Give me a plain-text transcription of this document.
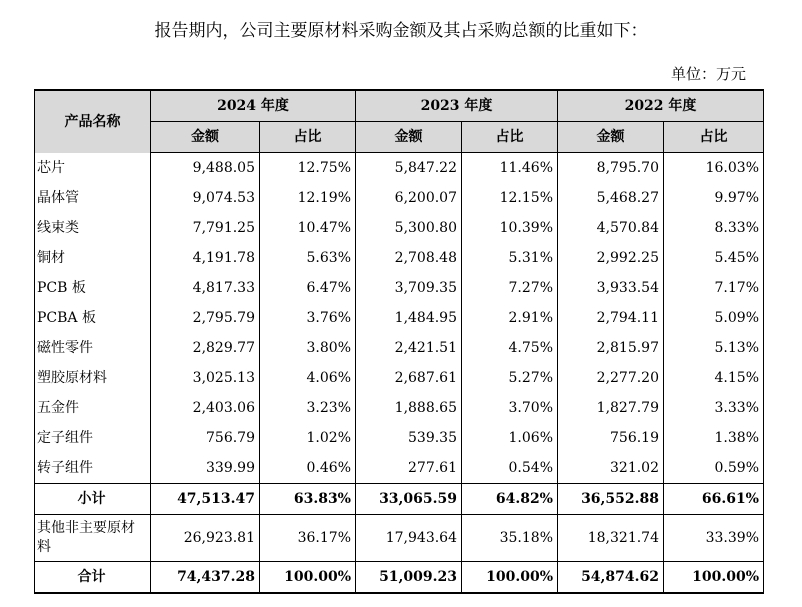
报告期内，公司主要原材料采购金额及其占采购总额的比重如下：
单位：万元
产品名称	2024 年度		2023 年度		2022 年度	
	金额	占比	金额	占比	金额	占比
芯片	9,488.05	12.75%	5,847.22	11.46%	8,795.70	16.03%
晶体管	9,074.53	12.19%	6,200.07	12.15%	5,468.27	9.97%
线束类	7,791.25	10.47%	5,300.80	10.39%	4,570.84	8.33%
铜材	4,191.78	5.63%	2,708.48	5.31%	2,992.25	5.45%
PCB 板	4,817.33	6.47%	3,709.35	7.27%	3,933.54	7.17%
PCBA 板	2,795.79	3.76%	1,484.95	2.91%	2,794.11	5.09%
磁性零件	2,829.77	3.80%	2,421.51	4.75%	2,815.97	5.13%
塑胶原材料	3,025.13	4.06%	2,687.61	5.27%	2,277.20	4.15%
五金件	2,403.06	3.23%	1,888.65	3.70%	1,827.79	3.33%
定子组件	756.79	1.02%	539.35	1.06%	756.19	1.38%
转子组件	339.99	0.46%	277.61	0.54%	321.02	0.59%
小计	47,513.47	63.83%	33,065.59	64.82%	36,552.88	66.61%
其他非主要原材料	26,923.81	36.17%	17,943.64	35.18%	18,321.74	33.39%
合计	74,437.28	100.00%	51,009.23	100.00%	54,874.62	100.00%
